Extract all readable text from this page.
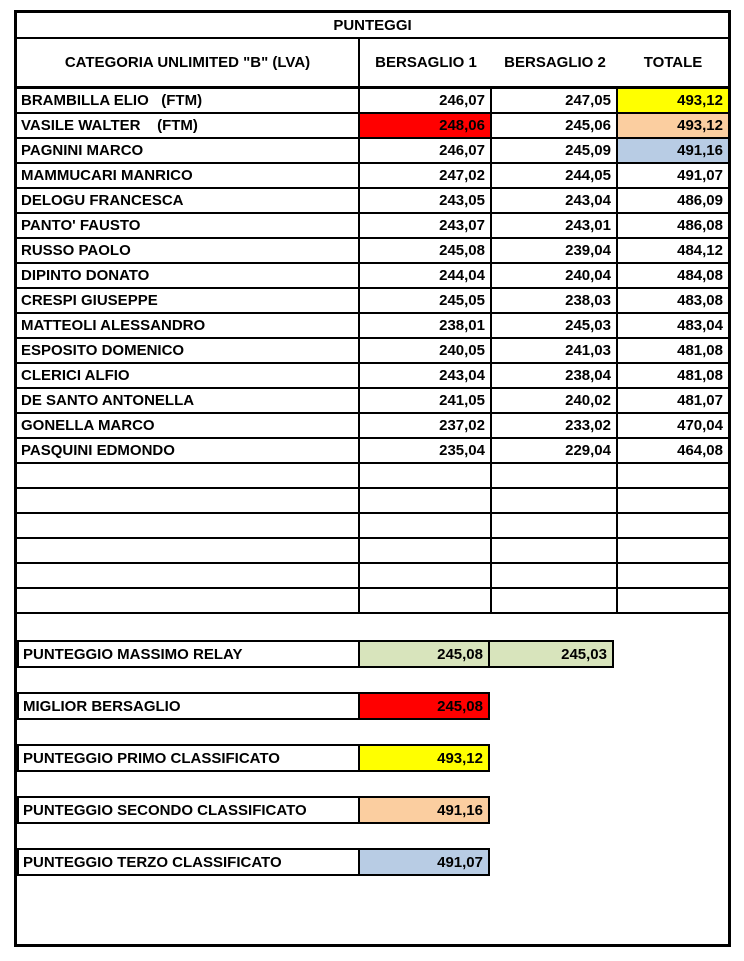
PUNTEGGI
CATEGORIA UNLIMITED "B" (LVA)	BERSAGLIO 1	BERSAGLIO 2	TOTALE
BRAMBILLA ELIO   (FTM)	246,07	247,05	493,12
VASILE WALTER    (FTM)	248,06	245,06	493,12
PAGNINI MARCO	246,07	245,09	491,16
MAMMUCARI MANRICO	247,02	244,05	491,07
DELOGU FRANCESCA	243,05	243,04	486,09
PANTO' FAUSTO	243,07	243,01	486,08
RUSSO PAOLO	245,08	239,04	484,12
DIPINTO DONATO	244,04	240,04	484,08
CRESPI GIUSEPPE	245,05	238,03	483,08
MATTEOLI ALESSANDRO	238,01	245,03	483,04
ESPOSITO DOMENICO	240,05	241,03	481,08
CLERICI ALFIO	243,04	238,04	481,08
DE SANTO ANTONELLA	241,05	240,02	481,07
GONELLA MARCO	237,02	233,02	470,04
PASQUINI EDMONDO	235,04	229,04	464,08
PUNTEGGIO MASSIMO RELAY	245,08	245,03
MIGLIOR BERSAGLIO	245,08
PUNTEGGIO PRIMO CLASSIFICATO	493,12
PUNTEGGIO SECONDO CLASSIFICATO	491,16
PUNTEGGIO TERZO CLASSIFICATO	491,07
